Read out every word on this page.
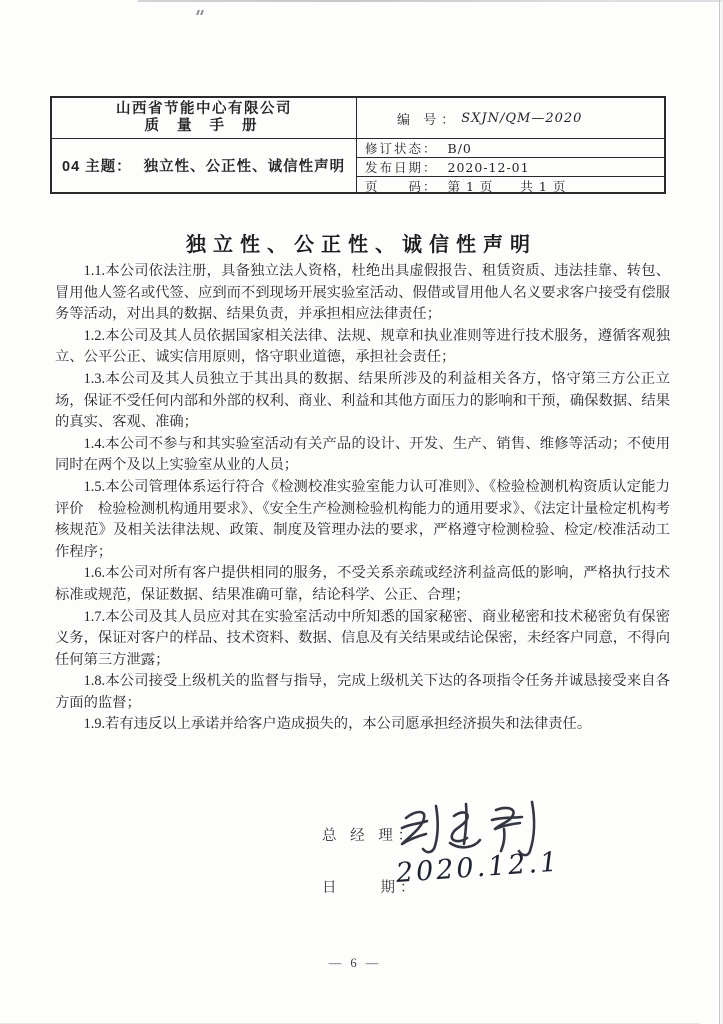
山西省节能中心有限公司
质 量 手 册	编 号： SXJN/QM—2020
04 主题： 独立性、公正性、诚信性声明
修订状态： B/0
发布日期： 2020-12-01
页　　码： 第 1 页　　共 1 页
独立性、公正性、诚信性声明

1.1.本公司依法注册，具备独立法人资格，杜绝出具虚假报告、租赁资质、违法挂靠、转包、冒用他人签名或代签、应到而不到现场开展实验室活动、假借或冒用他人名义要求客户接受有偿服务等活动，对出具的数据、结果负责，并承担相应法律责任；

1.2.本公司及其人员依据国家相关法律、法规、规章和执业准则等进行技术服务，遵循客观独立、公平公正、诚实信用原则，恪守职业道德，承担社会责任；

1.3.本公司及其人员独立于其出具的数据、结果所涉及的利益相关各方，恪守第三方公正立场，保证不受任何内部和外部的权利、商业、利益和其他方面压力的影响和干预，确保数据、结果的真实、客观、准确；

1.4.本公司不参与和其实验室活动有关产品的设计、开发、生产、销售、维修等活动；不使用同时在两个及以上实验室从业的人员；

1.5.本公司管理体系运行符合《检测校准实验室能力认可准则》、《检验检测机构资质认定能力评价　检验检测机构通用要求》、《安全生产检测检验机构能力的通用要求》、《法定计量检定机构考核规范》及相关法律法规、政策、制度及管理办法的要求，严格遵守检测检验、检定/校准活动工作程序；

1.6.本公司对所有客户提供相同的服务，不受关系亲疏或经济利益高低的影响，严格执行技术标准或规范，保证数据、结果准确可靠，结论科学、公正、合理；

1.7.本公司及其人员应对其在实验室活动中所知悉的国家秘密、商业秘密和技术秘密负有保密义务，保证对客户的样品、技术资料、数据、信息及有关结果或结论保密，未经客户同意，不得向任何第三方泄露；

1.8.本公司接受上级机关的监督与指导，完成上级机关下达的各项指令任务并诚恳接受来自各方面的监督；

1.9.若有违反以上承诺并给客户造成损失的，本公司愿承担经济损失和法律责任。

总 经 理：
日　　期：
2020.12.1
— 6 —
